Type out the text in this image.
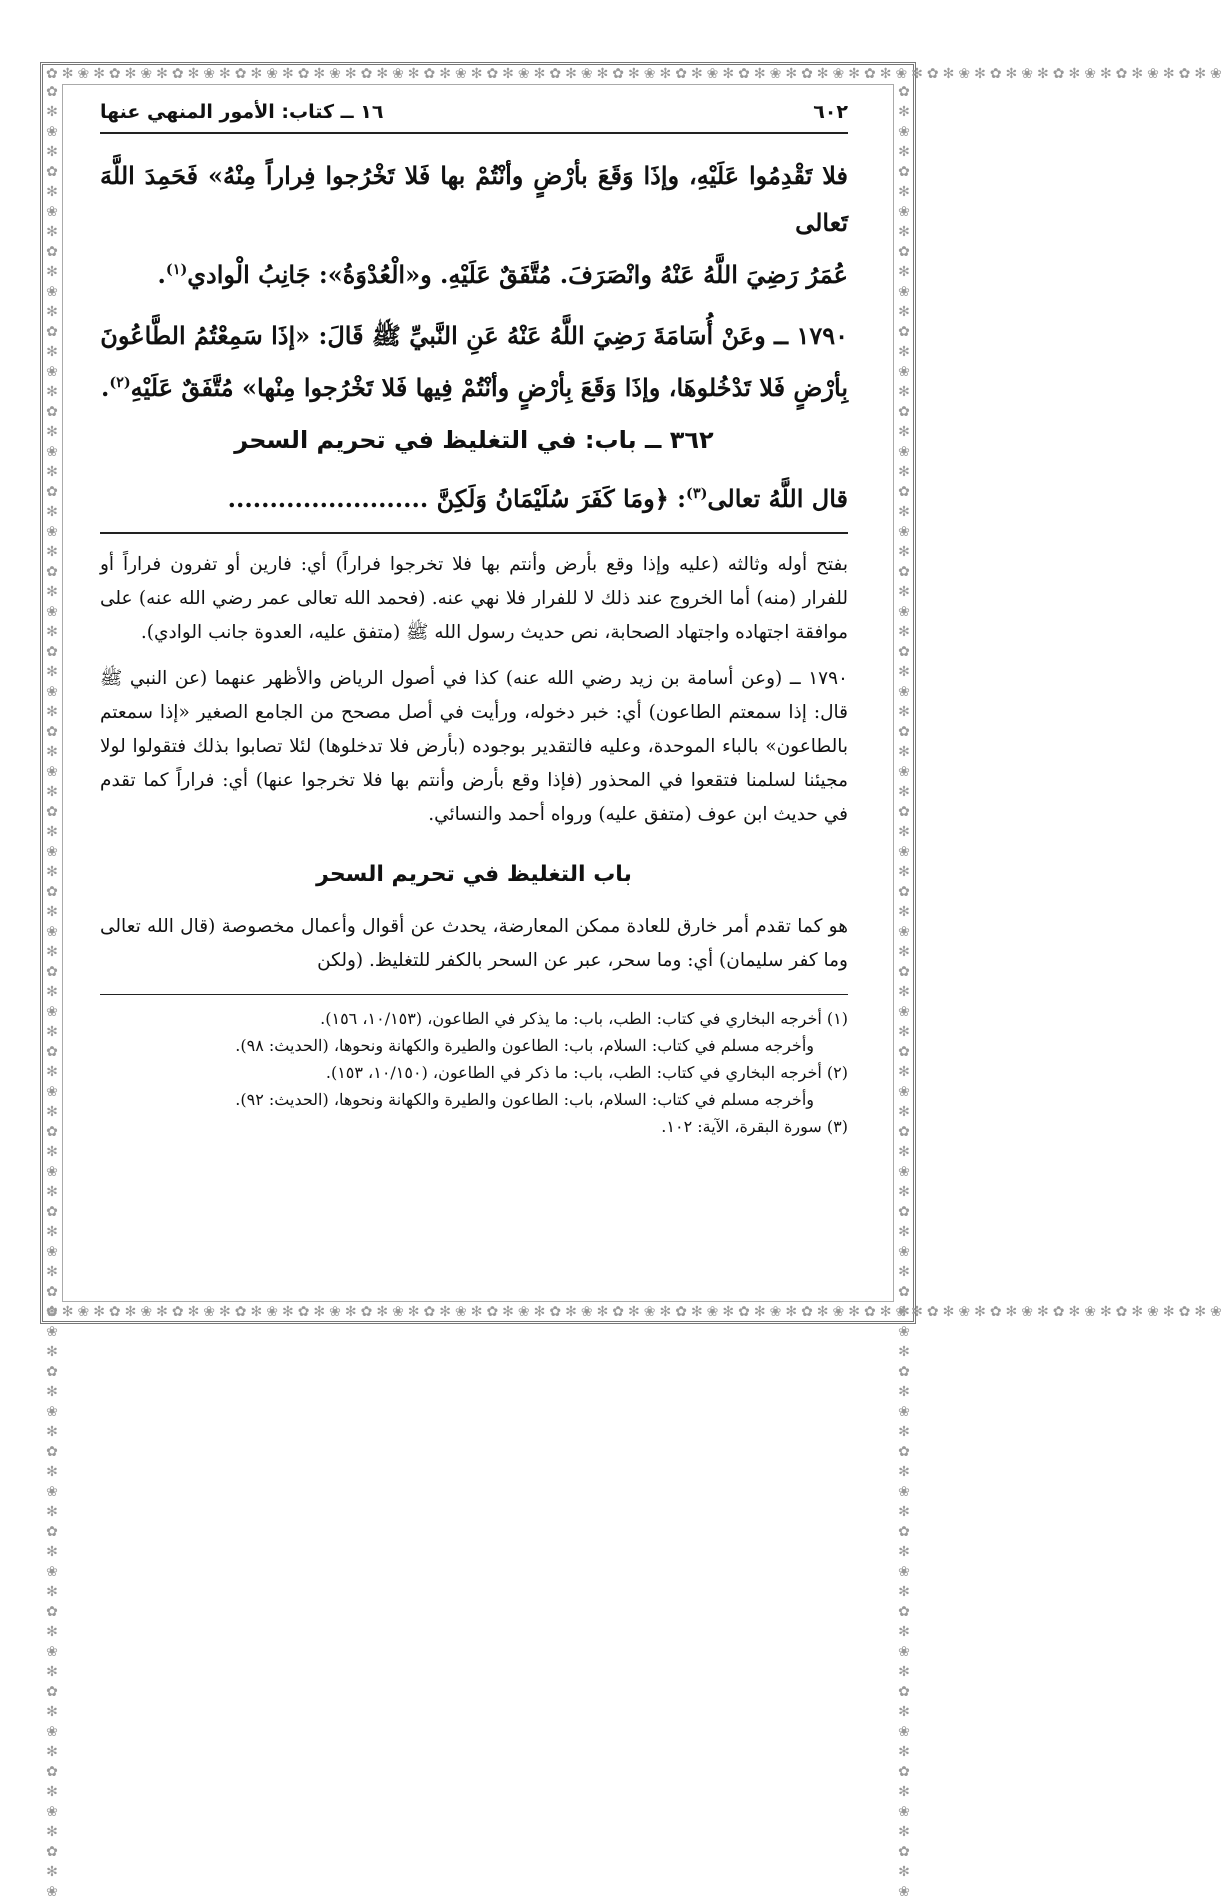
✿✻❀✻✿✻❀✻✿✻❀✻✿✻❀✻✿✻❀✻✿✻❀✻✿✻❀✻✿✻❀✻✿✻❀✻✿✻❀✻✿✻❀✻✿✻❀✻✿✻❀✻✿✻❀✻✿✻❀✻✿✻❀✻✿✻❀✻✿✻❀✻✿✻❀
✿✻❀✻✿✻❀✻✿✻❀✻✿✻❀✻✿✻❀✻✿✻❀✻✿✻❀✻✿✻❀✻✿✻❀✻✿✻❀✻✿✻❀✻✿✻❀✻✿✻❀✻✿✻❀✻✿✻❀✻✿✻❀✻✿✻❀✻✿✻❀✻✿✻❀
✿✻❀✻✿✻❀✻✿✻❀✻✿✻❀✻✿✻❀✻✿✻❀✻✿✻❀✻✿✻❀✻✿✻❀✻✿✻❀✻✿✻❀✻✿✻❀✻✿✻❀✻✿✻❀✻✿✻❀✻✿✻❀✻✿✻❀✻✿✻❀✻✿✻❀✻✿✻❀✻✿✻❀✻✿✻❀✻✿✻❀	✿✻❀✻✿✻❀✻✿✻❀✻✿✻❀✻✿✻❀✻✿✻❀✻✿✻❀✻✿✻❀✻✿✻❀✻✿✻❀✻✿✻❀✻✿✻❀✻✿✻❀✻✿✻❀✻✿✻❀✻✿✻❀✻✿✻❀✻✿✻❀✻✿✻❀✻✿✻❀✻✿✻❀✻✿✻❀✻✿✻❀
٦٠٢
١٦ ــ كتاب: الأمور المنهي عنها

فلا تَقْدِمُوا عَلَيْهِ، وإذَا وَقَعَ بأرْضٍ وأنْتُمْ بها فَلا تَخْرُجوا فِراراً مِنْهُ» فَحَمِدَ اللَّهَ تَعالى

عُمَرُ رَضِيَ اللَّهُ عَنْهُ وانْصَرَفَ. مُتَّفَقٌ عَلَيْهِ. و«الْعُدْوَةُ»: جَانِبُ الْوادي$^{(١)}$.

١٧٩٠ ــ وعَنْ أُسَامَةَ رَضِيَ اللَّهُ عَنْهُ عَنِ النَّبيِّ ﷺ قَالَ: «إذَا سَمِعْتُمُ الطَّاعُونَ

بِأرْضٍ فَلا تَدْخُلوهَا، وإذَا وَقَعَ بِأرْضٍ وأنْتُمْ فِيها فَلا تَخْرُجوا مِنْها» مُتَّفَقٌ عَلَيْهِ$^{(٢)}$.

٣٦٢ ــ باب: في التغليظ في تحريم السحر

قال اللَّهُ تعالى$^{(٣)}$: ﴿ومَا كَفَرَ سُلَيْمَانُ وَلَكِنَّ ........................

بفتح أوله وثالثه (عليه وإذا وقع بأرض وأنتم بها فلا تخرجوا فراراً) أي: فارين أو تفرون فراراً أو للفرار (منه) أما الخروج عند ذلك لا للفرار فلا نهي عنه. (فحمد الله تعالى عمر رضي الله عنه) على موافقة اجتهاده واجتهاد الصحابة، نص حديث رسول الله ﷺ (متفق عليه، العدوة جانب الوادي).

١٧٩٠ ــ (وعن أسامة بن زيد رضي الله عنه) كذا في أصول الرياض والأظهر عنهما (عن النبي ﷺ قال: إذا سمعتم الطاعون) أي: خبر دخوله، ورأيت في أصل مصحح من الجامع الصغير «إذا سمعتم بالطاعون» بالباء الموحدة، وعليه فالتقدير بوجوده (بأرض فلا تدخلوها) لئلا تصابوا بذلك فتقولوا لولا مجيئنا لسلمنا فتقعوا في المحذور (فإذا وقع بأرض وأنتم بها فلا تخرجوا عنها) أي: فراراً كما تقدم في حديث ابن عوف (متفق عليه) ورواه أحمد والنسائي.

باب التغليظ في تحريم السحر

هو كما تقدم أمر خارق للعادة ممكن المعارضة، يحدث عن أقوال وأعمال مخصوصة (قال الله تعالى وما كفر سليمان) أي: وما سحر، عبر عن السحر بالكفر للتغليظ. (ولكن

(١) أخرجه البخاري في كتاب: الطب، باب: ما يذكر في الطاعون، (١٠/١٥٣، ١٥٦).
وأخرجه مسلم في كتاب: السلام، باب: الطاعون والطيرة والكهانة ونحوها، (الحديث: ٩٨).
(٢) أخرجه البخاري في كتاب: الطب، باب: ما ذكر في الطاعون، (١٠/١٥٠، ١٥٣).
وأخرجه مسلم في كتاب: السلام، باب: الطاعون والطيرة والكهانة ونحوها، (الحديث: ٩٢).
(٣) سورة البقرة، الآية: ١٠٢.
